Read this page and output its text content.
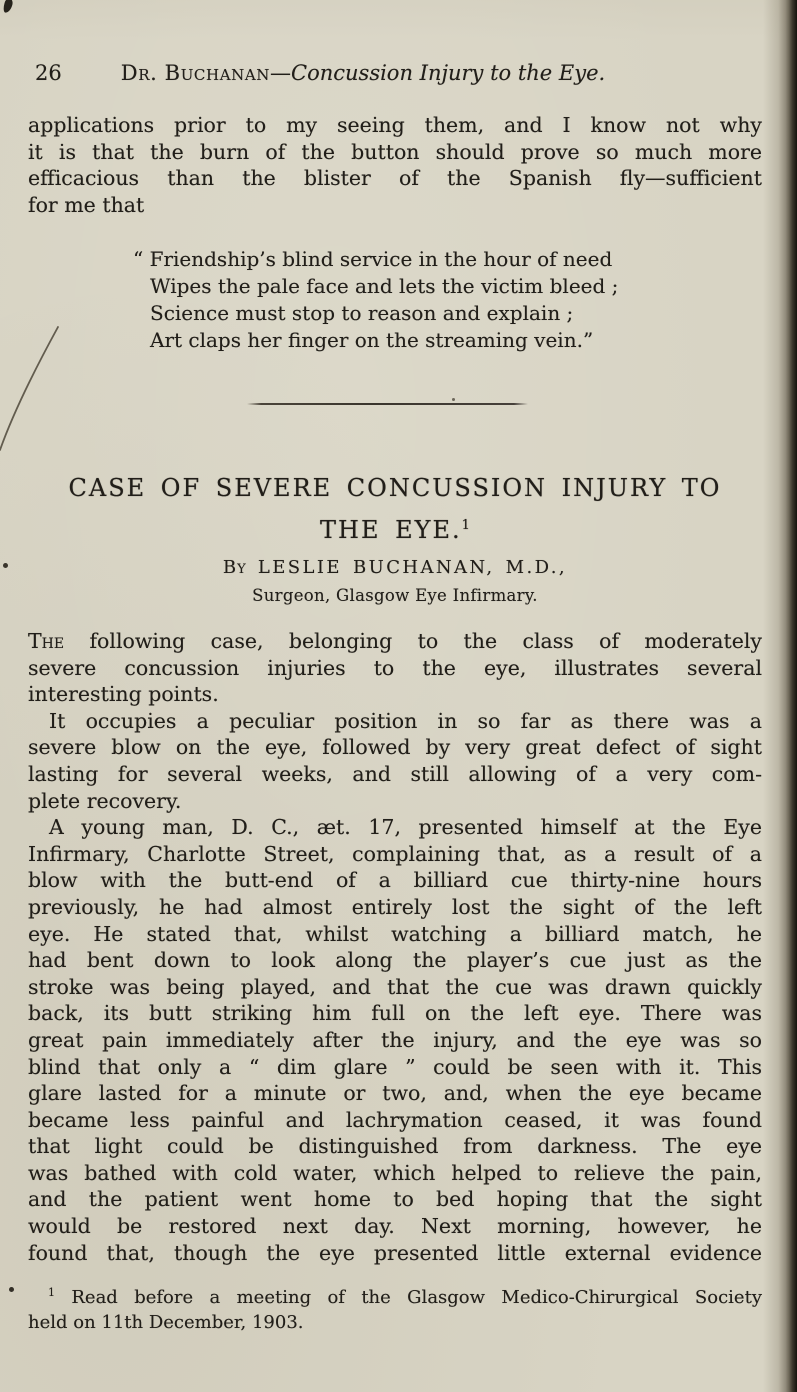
26	Dr. Buchanan—Concussion Injury to the Eye.
applications prior to my seeing them, and I know not why
it is that the burn of the button should prove so much more
efficacious than the blister of the Spanish fly—sufficient
for me that
“ Friendship’s blind service in the hour of need
Wipes the pale face and lets the victim bleed ;
Science must stop to reason and explain ;
Art claps her finger on the streaming vein.”
CASE OF SEVERE CONCUSSION INJURY TO
THE EYE.$^1$
By LESLIE BUCHANAN, M.D.,
Surgeon, Glasgow Eye Infirmary.
The following case, belonging to the class of moderately
severe concussion injuries to the eye, illustrates several
interesting points.
It occupies a peculiar position in so far as there was a
severe blow on the eye, followed by very great defect of sight
lasting for several weeks, and still allowing of a very com-
plete recovery.
A young man, D. C., æt. 17, presented himself at the Eye
Infirmary, Charlotte Street, complaining that, as a result of a
blow with the butt-end of a billiard cue thirty-nine hours
previously, he had almost entirely lost the sight of the left
eye. He stated that, whilst watching a billiard match, he
had bent down to look along the player’s cue just as the
stroke was being played, and that the cue was drawn quickly
back, its butt striking him full on the left eye. There was
great pain immediately after the injury, and the eye was so
blind that only a “ dim glare ” could be seen with it. This
glare lasted for a minute or two, and, when the eye became
became less painful and lachrymation ceased, it was found
that light could be distinguished from darkness. The eye
was bathed with cold water, which helped to relieve the pain,
and the patient went home to bed hoping that the sight
would be restored next day. Next morning, however, he
found that, though the eye presented little external evidence
$^1$ Read before a meeting of the Glasgow Medico-Chirurgical Society
held on 11th December, 1903.
